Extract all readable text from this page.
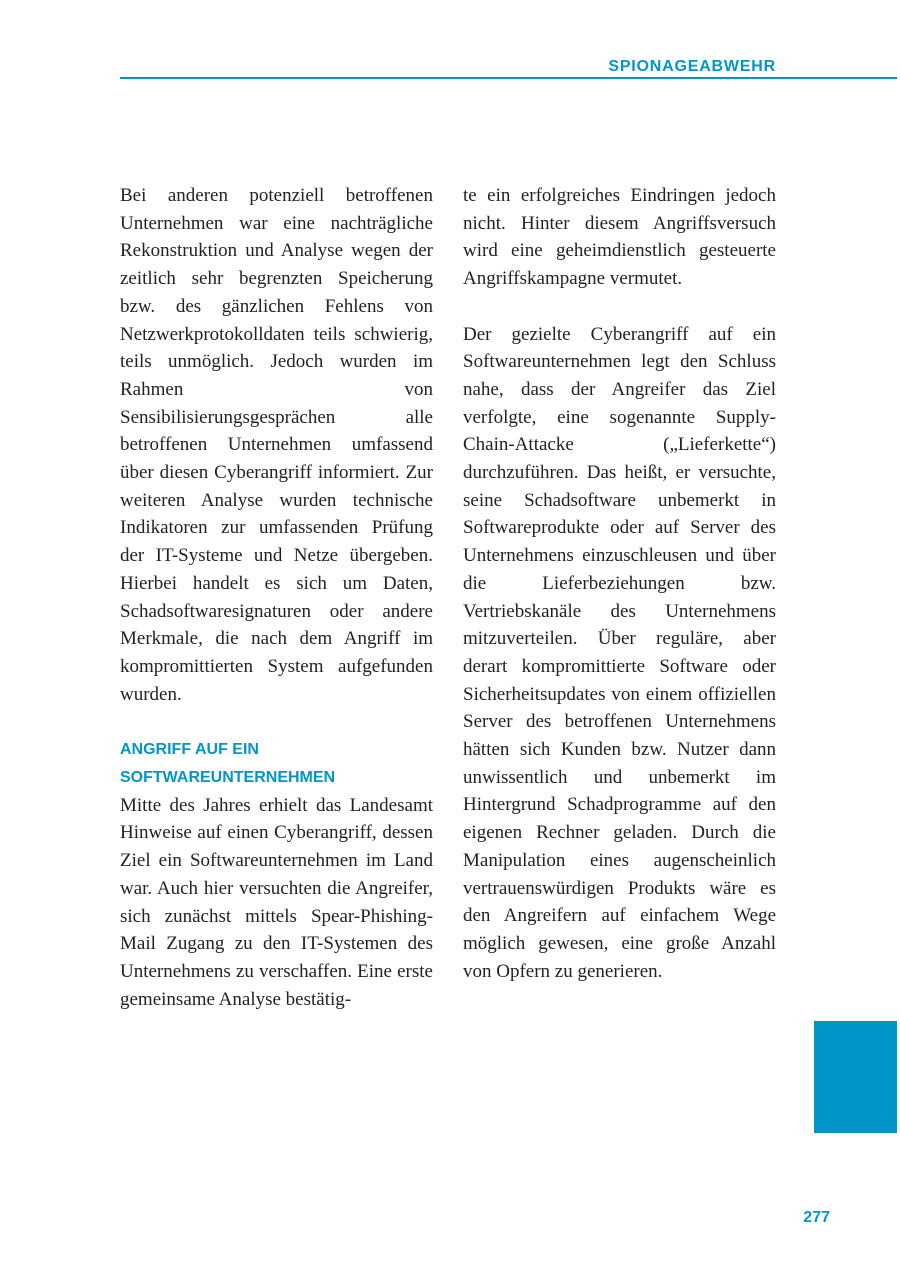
SPIONAGEABWEHR

Bei anderen potenziell betroffenen Unternehmen war eine nachträgliche Rekonstruktion und Analyse wegen der zeitlich sehr begrenzten Speicherung bzw. des gänzlichen Fehlens von Netzwerkprotokolldaten teils schwierig, teils unmöglich. Jedoch wurden im Rahmen von Sensibilisierungsgesprächen alle betroffenen Unternehmen umfassend über diesen Cyberangriff informiert. Zur weiteren Analyse wurden technische Indikatoren zur umfassenden Prüfung der IT-Systeme und Netze übergeben. Hierbei handelt es sich um Daten, Schadsoftwaresignaturen oder andere Merkmale, die nach dem Angriff im kompromittierten System aufgefunden wurden.

ANGRIFF AUF EIN
SOFTWAREUNTERNEHMEN

Mitte des Jahres erhielt das Landesamt Hinweise auf einen Cyberangriff, dessen Ziel ein Softwareunternehmen im Land war. Auch hier versuchten die Angreifer, sich zunächst mittels Spear-Phishing-Mail Zugang zu den IT-Systemen des Unternehmens zu verschaffen. Eine erste gemeinsame Analyse bestätig-

te ein erfolgreiches Eindringen jedoch nicht. Hinter diesem Angriffsversuch wird eine geheimdienstlich gesteuerte Angriffskampagne vermutet.

Der gezielte Cyberangriff auf ein Softwareunternehmen legt den Schluss nahe, dass der Angreifer das Ziel verfolgte, eine sogenannte Supply-Chain-Attacke („Lieferkette“) durchzuführen. Das heißt, er versuchte, seine Schadsoftware unbemerkt in Softwareprodukte oder auf Server des Unternehmens einzuschleusen und über die Lieferbeziehungen bzw. Vertriebskanäle des Unternehmens mitzuverteilen. Über reguläre, aber derart kompromittierte Software oder Sicherheitsupdates von einem offiziellen Server des betroffenen Unternehmens hätten sich Kunden bzw. Nutzer dann unwissentlich und unbemerkt im Hintergrund Schadprogramme auf den eigenen Rechner geladen. Durch die Manipulation eines augenscheinlich vertrauenswürdigen Produkts wäre es den Angreifern auf einfachem Wege möglich gewesen, eine große Anzahl von Opfern zu generieren.

277
